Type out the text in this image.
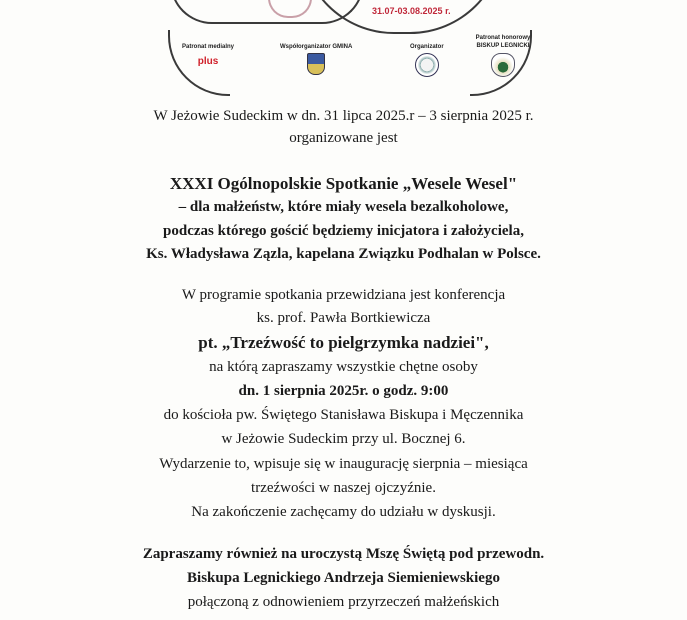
31.07-03.08.2025 r.
Patronat medialny
plus
Współorganizator GMINA	Organizator
Patronat honorowy BISKUP LEGNICKI
W Jeżowie Sudeckim w dn. 31 lipca 2025.r – 3 sierpnia 2025 r.
organizowane jest
XXXI Ogólnopolskie Spotkanie „Wesele Wesel"
– dla małżeństw, które miały wesela bezalkoholowe,
podczas którego gościć będziemy inicjatora i założyciela,
Ks. Władysława Zązla, kapelana Związku Podhalan w Polsce.
W programie spotkania przewidziana jest konferencja
ks. prof. Pawła Bortkiewicza
pt. „Trzeźwość to pielgrzymka nadziei",
na którą zapraszamy wszystkie chętne osoby
dn. 1 sierpnia 2025r. o godz. 9:00
do kościoła pw. Świętego Stanisława Biskupa i Męczennika
w Jeżowie Sudeckim przy ul. Bocznej 6.
Wydarzenie to, wpisuje się w inaugurację sierpnia – miesiąca
trzeźwości w naszej ojczyźnie.
Na zakończenie zachęcamy do udziału w dyskusji.
Zapraszamy również na uroczystą Mszę Świętą pod przewodn.
Biskupa Legnickiego Andrzeja Siemieniewskiego
połączoną z odnowieniem przyrzeczeń małżeńskich
